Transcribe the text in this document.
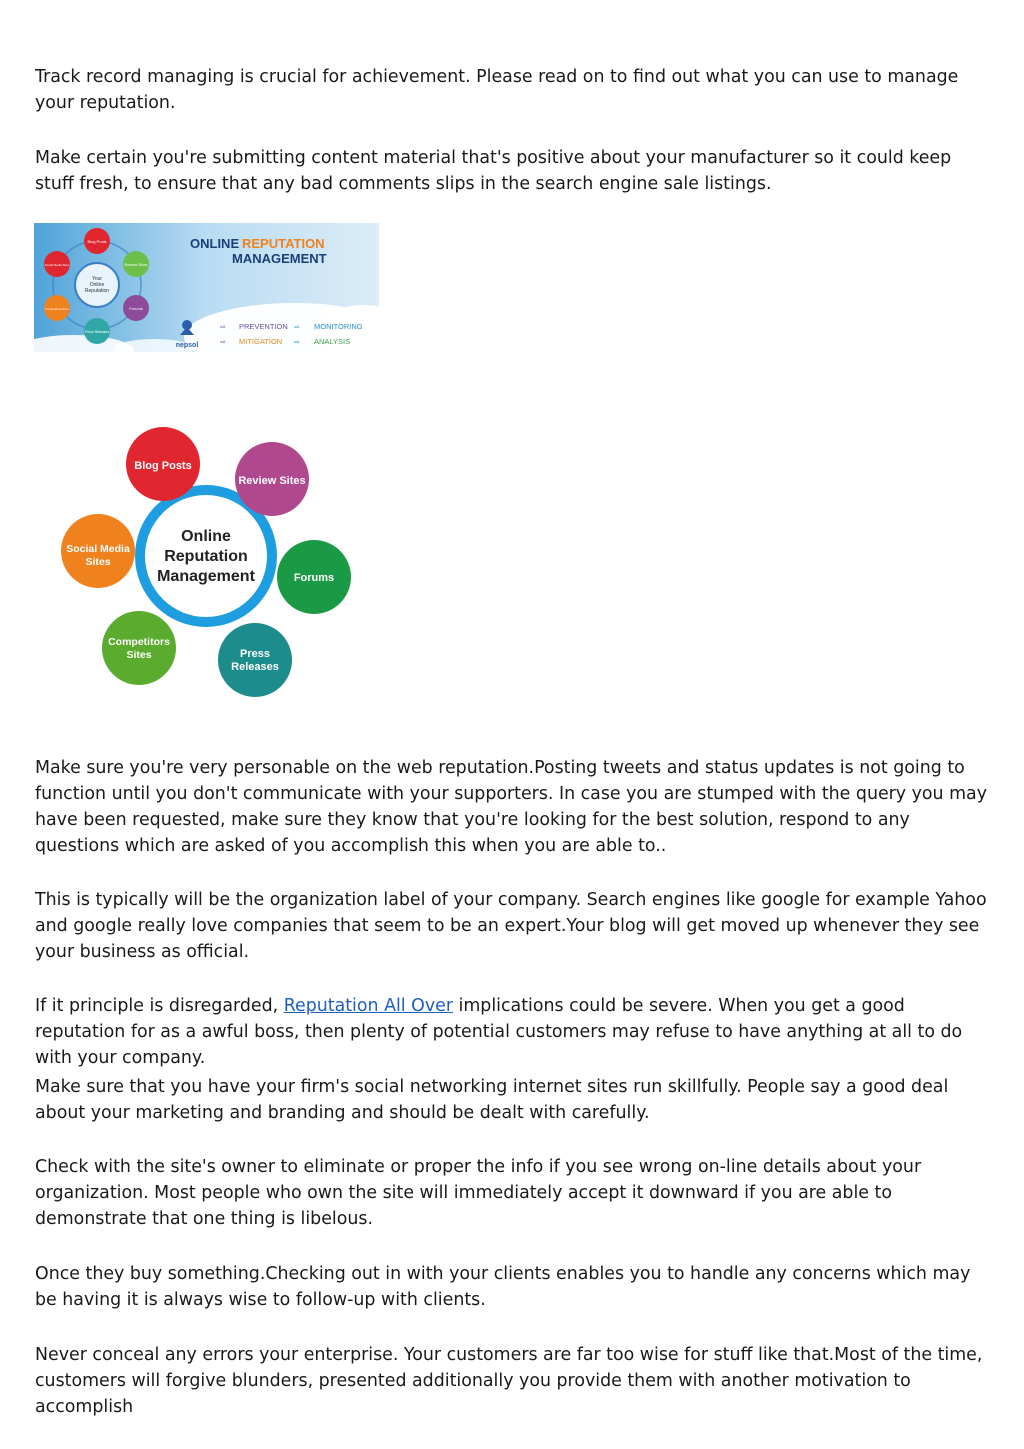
Track record managing is crucial for achievement. Please read on to find out what you can use to manage your reputation.

Make certain you're submitting content material that's positive about your manufacturer so it could keep stuff fresh, to ensure that any bad comments slips in the search engine sale listings.

Make sure you're very personable on the web reputation.Posting tweets and status updates is not going to function until you don't communicate with your supporters. In case you are stumped with the query you may have been requested, make sure they know that you're looking for the best solution, respond to any questions which are asked of you accomplish this when you are able to..

This is typically will be the organization label of your company. Search engines like google for example Yahoo and google really love companies that seem to be an expert.Your blog will get moved up whenever they see your business as official.

If it principle is disregarded, Reputation All Over implications could be severe. When you get a good reputation for as a awful boss, then plenty of potential customers may refuse to have anything at all to do with your company.

Make sure that you have your firm's social networking internet sites run skillfully. People say a good deal about your marketing and branding and should be dealt with carefully.

Check with the site's owner to eliminate or proper the info if you see wrong on-line details about your organization. Most people who own the site will immediately accept it downward if you are able to demonstrate that one thing is libelous.

Once they buy something.Checking out in with your clients enables you to handle any concerns which may be having it is always wise to follow-up with clients.

Never conceal any errors your enterprise. Your customers are far too wise for stuff like that.Most of the time, customers will forgive blunders, presented additionally you provide them with another motivation to accomplish

Your
Online
Reputation
Blog Posts
Review Sites
Forums
Press Releases
Competitors Sites
Social Media Sites
ONLINE REPUTATION
MANAGEMENT
nepsol
⇨ PREVENTION ⇨ MONITORING
⇨ MITIGATION ⇨ ANALYSIS
Online
Reputation
Management
Blog Posts
Review Sites
Forums
Press
Releases
Competitors
Sites
Social Media
Sites
